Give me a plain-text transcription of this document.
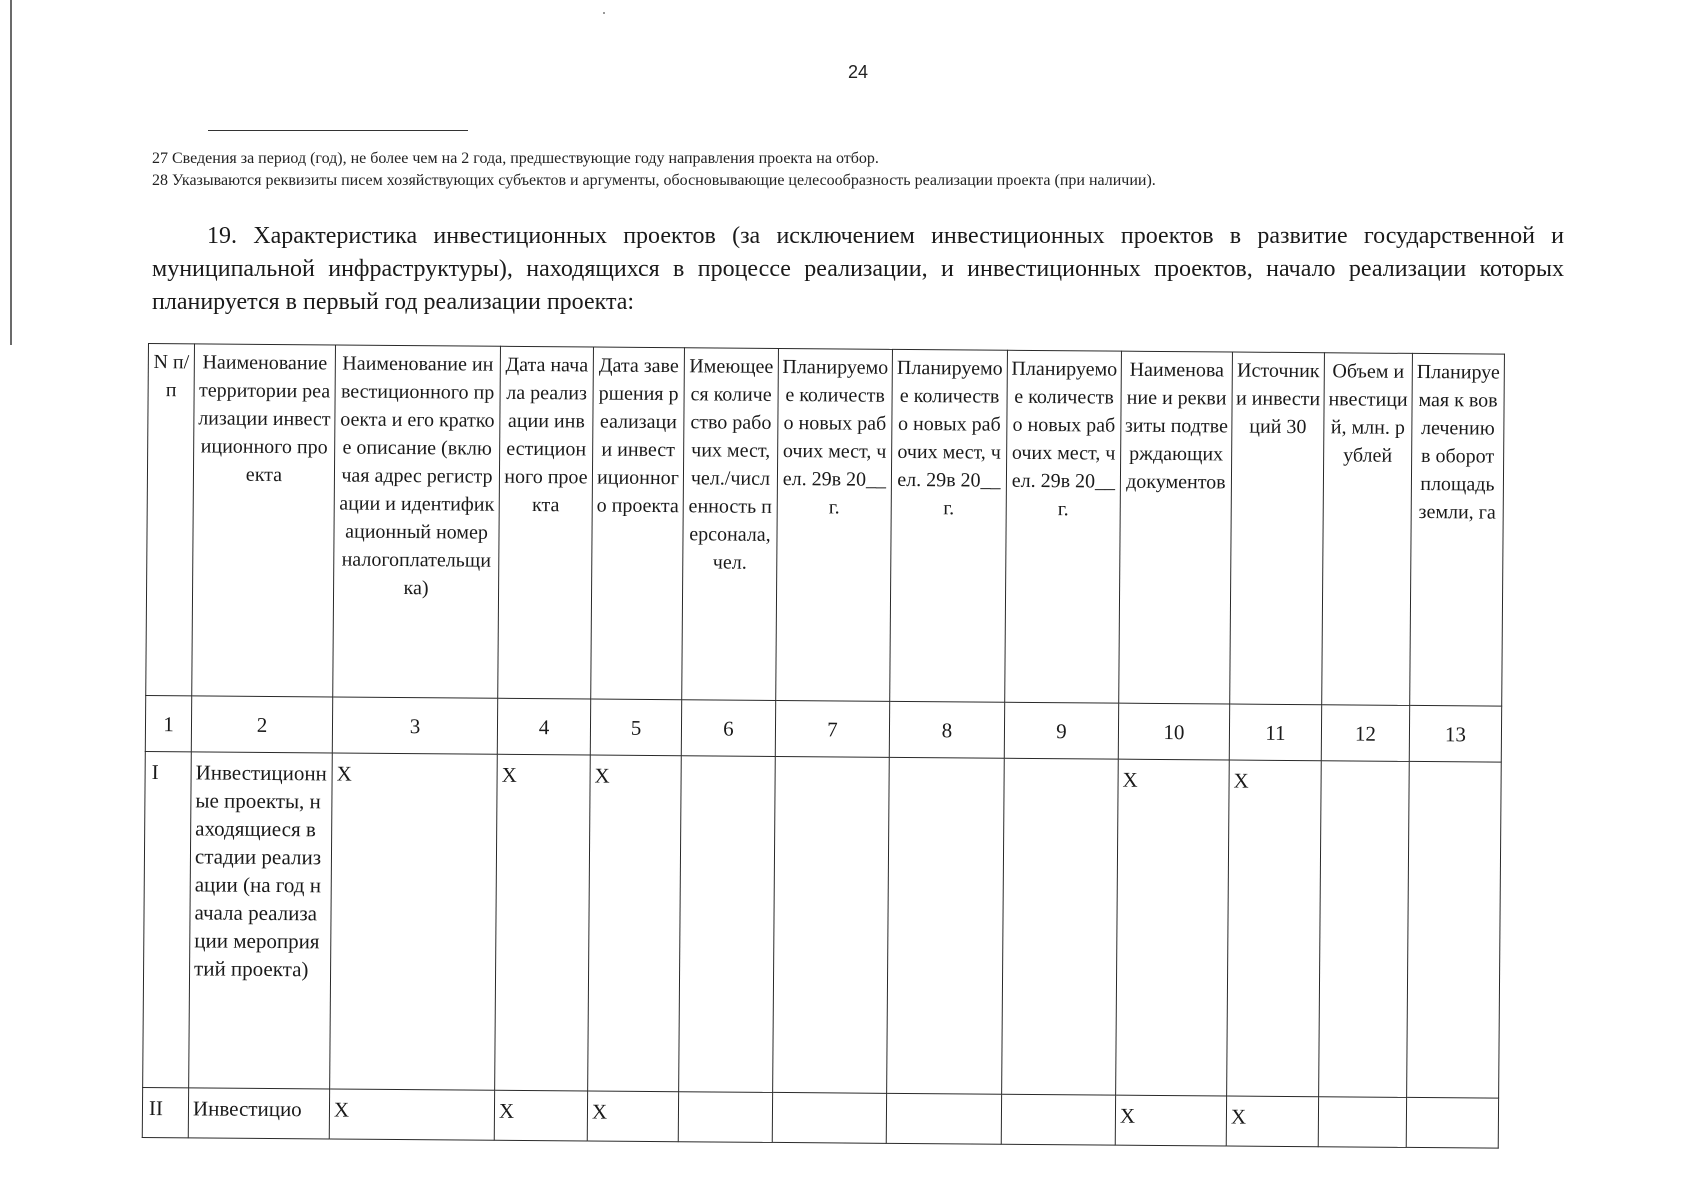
24
27 Сведения за период (год), не более чем на 2 года, предшествующие году направления проекта на отбор.
28 Указываются реквизиты писем хозяйствующих субъектов и аргументы, обосновывающие целесообразность реализации проекта (при наличии).
19. Характеристика инвестиционных проектов (за исключением инвестиционных проектов в развитие государственной и муниципальной инфраструктуры), находящихся в процессе реализации, и инвестиционных проектов, начало реализации которых планируется в первый год реализации проекта:
N п/п	Наименование территории реализации инвестиционного проекта	Наименование инвестиционного проекта и его краткое описание (включая адрес регистрации и идентификационный номер налогоплательщика)	Дата начала реализации инвестиционного проекта	Дата завершения реализации инвестиционного проекта	Имеющееся количество рабочих мест, чел./численность персонала, чел.	Планируемое количество новых рабочих мест, чел. 29в 20__ г.	Планируемое количество новых рабочих мест, чел. 29в 20__ г.	Планируемое количество новых рабочих мест, чел. 29в 20__ г.	Наименование и реквизиты подтверждающих документов	Источники инвестиций 30	Объем инвестиций, млн. рублей	Планируемая к вовлечению в оборот площадь земли, га

1	2	3	4	5	6	7	8	9	10	11	12	13
I	Инвестиционные проекты, находящиеся в стадии реализации (на год начала реализации мероприятий проекта)	X	X	X					X	X		
II	Инвестицио	X	X	X					X	X		
